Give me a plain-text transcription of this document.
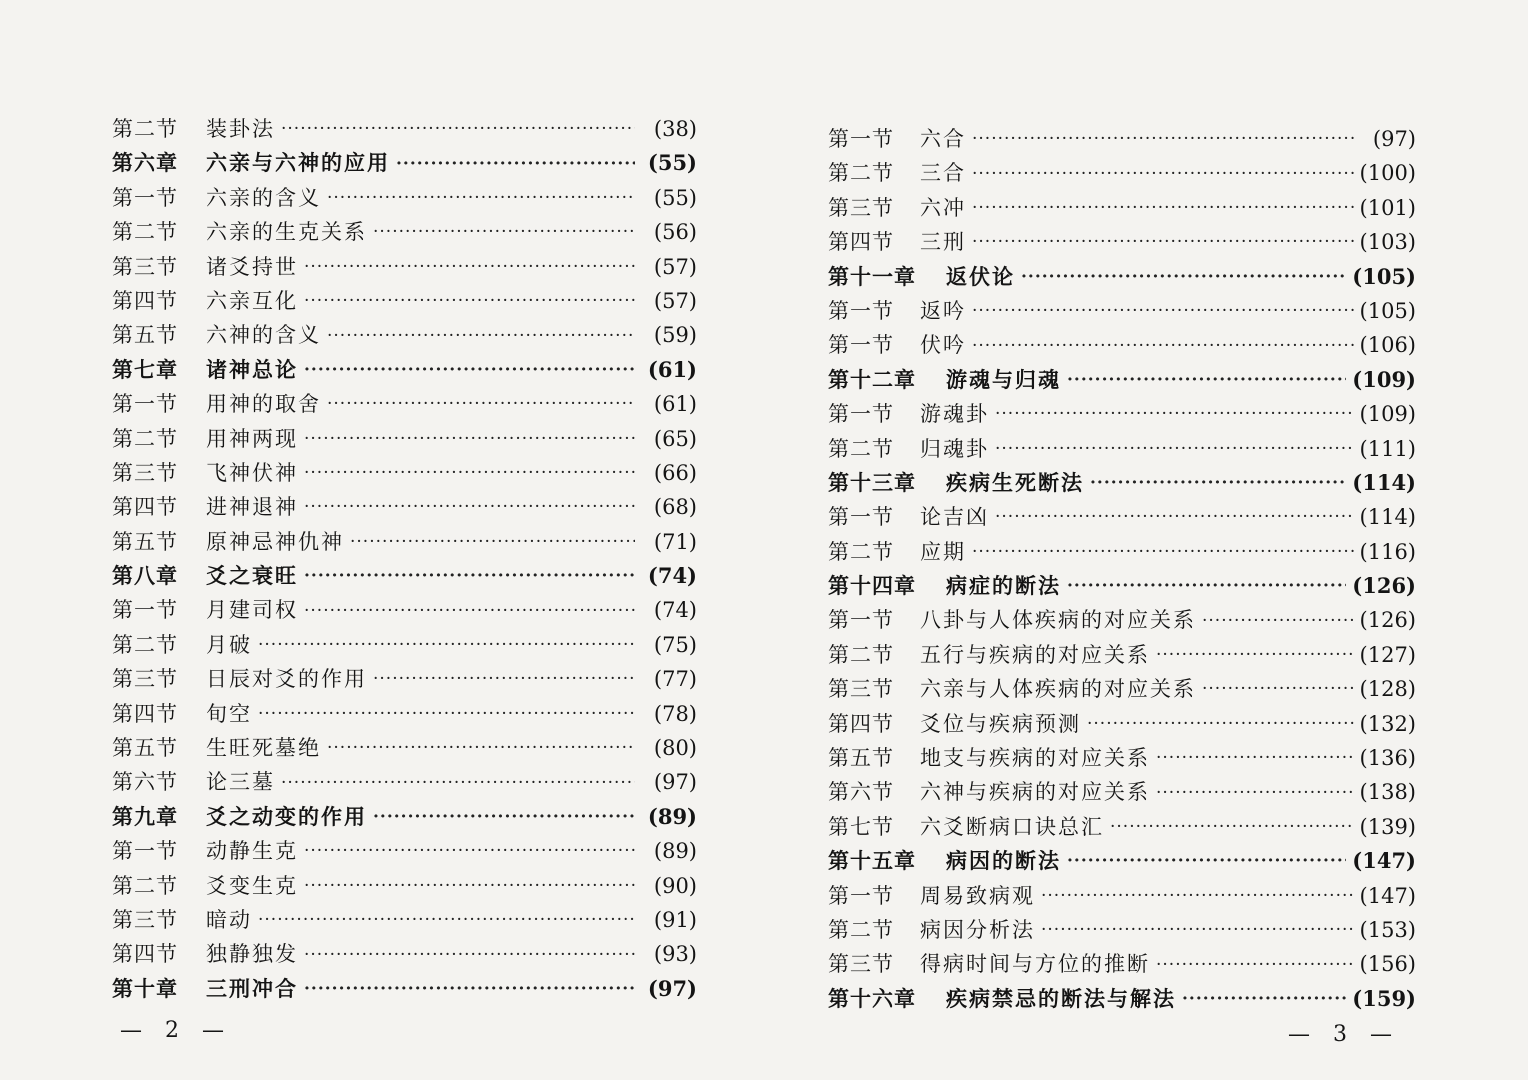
第二节	装卦法 ·····	(38)
第六章	六亲与六神的应用 ·····	(55)
第一节	六亲的含义 ·····	(55)
第二节	六亲的生克关系 ·····	(56)
第三节	诸爻持世 ·····	(57)
第四节	六亲互化 ·····	(57)
第五节	六神的含义 ·····	(59)
第七章	诸神总论 ·····	(61)
第一节	用神的取舍 ·····	(61)
第二节	用神两现 ·····	(65)
第三节	飞神伏神 ·····	(66)
第四节	进神退神 ·····	(68)
第五节	原神忌神仇神 ·····	(71)
第八章	爻之衰旺 ·····	(74)
第一节	月建司权 ·····	(74)
第二节	月破 ·····	(75)
第三节	日辰对爻的作用 ·····	(77)
第四节	旬空 ·····	(78)
第五节	生旺死墓绝 ·····	(80)
第六节	论三墓 ·····	(97)
第九章	爻之动变的作用 ·····	(89)
第一节	动静生克 ·····	(89)
第二节	爻变生克 ·····	(90)
第三节	暗动 ·····	(91)
第四节	独静独发 ·····	(93)
第十章	三刑冲合 ·····	(97)
— 2 —
第一节	六合 ·····	(97)
第二节	三合 ·····	(100)
第三节	六冲 ·····	(101)
第四节	三刑 ·····	(103)
第十一章	返伏论 ·····	(105)
第一节	返吟 ·····	(105)
第一节	伏吟 ·····	(106)
第十二章	游魂与归魂 ·····	(109)
第一节	游魂卦 ·····	(109)
第二节	归魂卦 ·····	(111)
第十三章	疾病生死断法 ·····	(114)
第一节	论吉凶 ·····	(114)
第二节	应期 ·····	(116)
第十四章	病症的断法 ·····	(126)
第一节	八卦与人体疾病的对应关系 ·····	(126)
第二节	五行与疾病的对应关系 ·····	(127)
第三节	六亲与人体疾病的对应关系 ·····	(128)
第四节	爻位与疾病预测 ·····	(132)
第五节	地支与疾病的对应关系 ·····	(136)
第六节	六神与疾病的对应关系 ·····	(138)
第七节	六爻断病口诀总汇 ·····	(139)
第十五章	病因的断法 ·····	(147)
第一节	周易致病观 ·····	(147)
第二节	病因分析法 ·····	(153)
第三节	得病时间与方位的推断 ·····	(156)
第十六章	疾病禁忌的断法与解法 ·····	(159)
— 3 —
